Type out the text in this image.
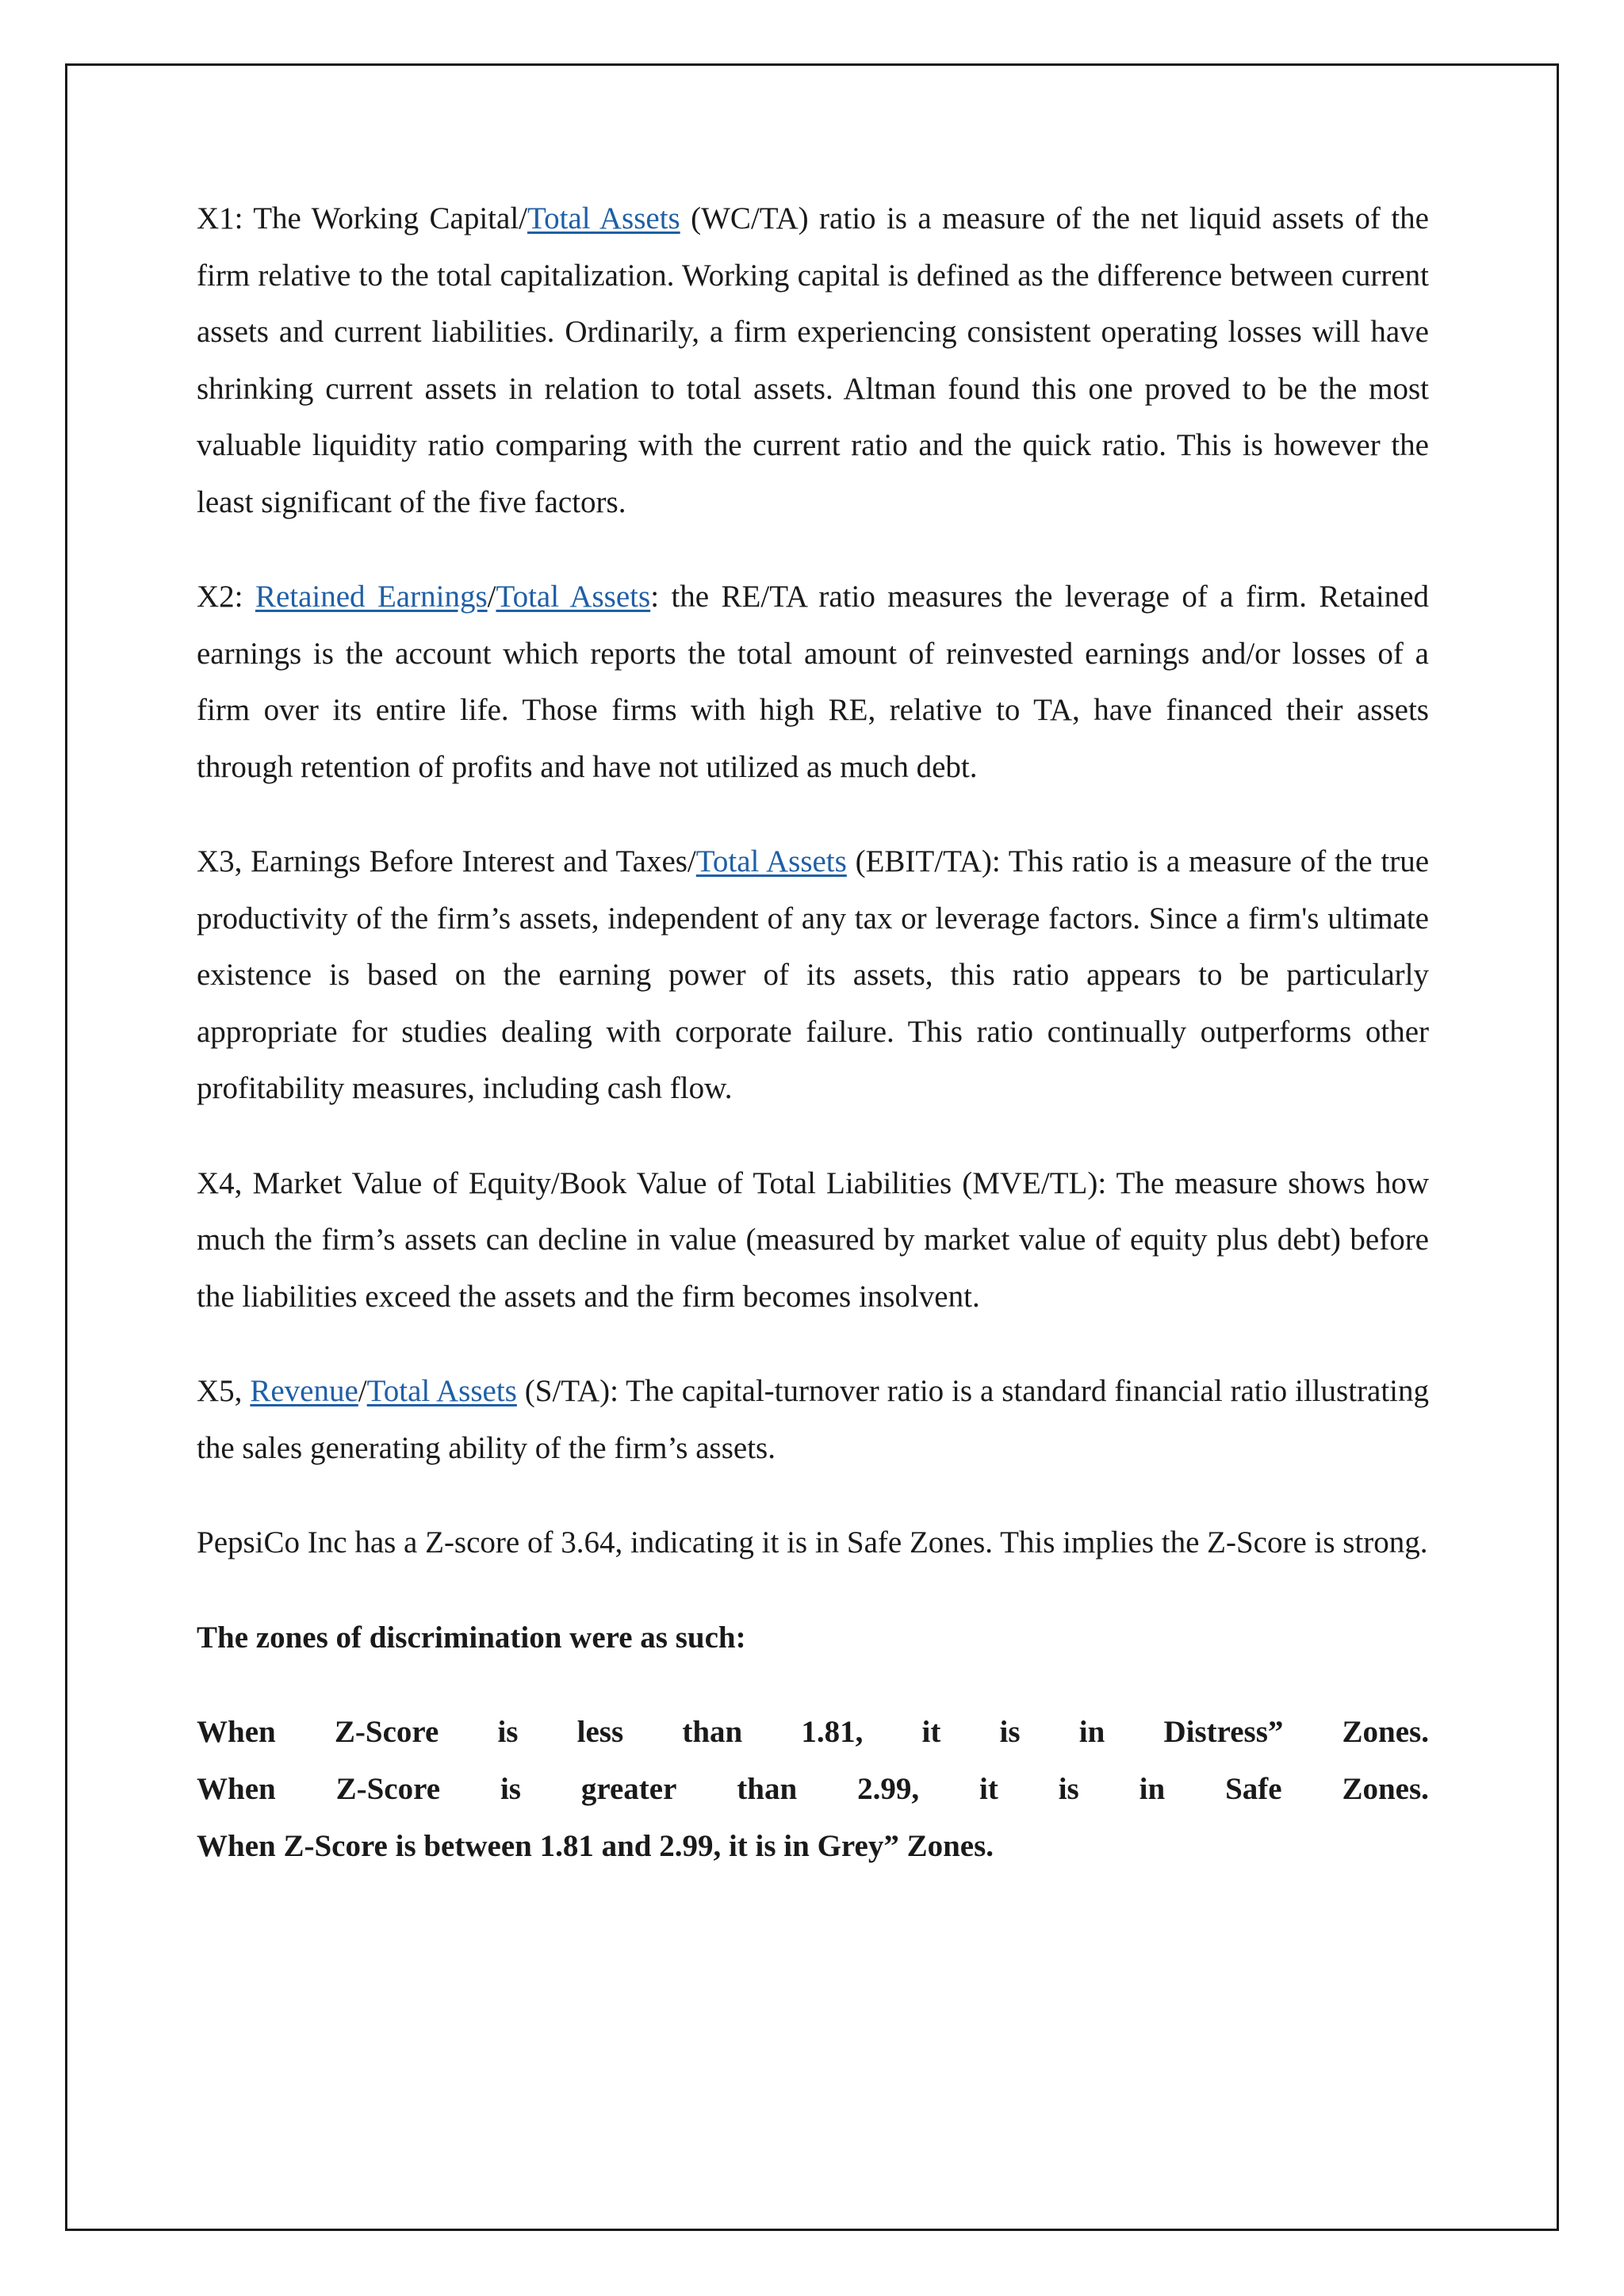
X1: The Working Capital/Total Assets (WC/TA) ratio is a measure of the net liquid assets of the firm relative to the total capitalization. Working capital is defined as the difference between current assets and current liabilities. Ordinarily, a firm experiencing consistent operating losses will have shrinking current assets in relation to total assets. Altman found this one proved to be the most valuable liquidity ratio comparing with the current ratio and the quick ratio. This is however the least significant of the five factors.

X2: Retained Earnings/Total Assets: the RE/TA ratio measures the leverage of a firm. Retained earnings is the account which reports the total amount of reinvested earnings and/or losses of a firm over its entire life. Those firms with high RE, relative to TA, have financed their assets through retention of profits and have not utilized as much debt.

X3, Earnings Before Interest and Taxes/Total Assets (EBIT/TA): This ratio is a measure of the true productivity of the firm’s assets, independent of any tax or leverage factors. Since a firm's ultimate existence is based on the earning power of its assets, this ratio appears to be particularly appropriate for studies dealing with corporate failure. This ratio continually outperforms other profitability measures, including cash flow.

X4, Market Value of Equity/Book Value of Total Liabilities (MVE/TL): The measure shows how much the firm’s assets can decline in value (measured by market value of equity plus debt) before the liabilities exceed the assets and the firm becomes insolvent.

X5, Revenue/Total Assets (S/TA): The capital-turnover ratio is a standard financial ratio illustrating the sales generating ability of the firm’s assets.

PepsiCo Inc has a Z-score of 3.64, indicating it is in Safe Zones. This implies the Z-Score is strong.

The zones of discrimination were as such:

When Z-Score is less than 1.81, it is in Distress” Zones.
When Z-Score is greater than 2.99, it is in Safe Zones.
When Z-Score is between 1.81 and 2.99, it is in Grey” Zones.
